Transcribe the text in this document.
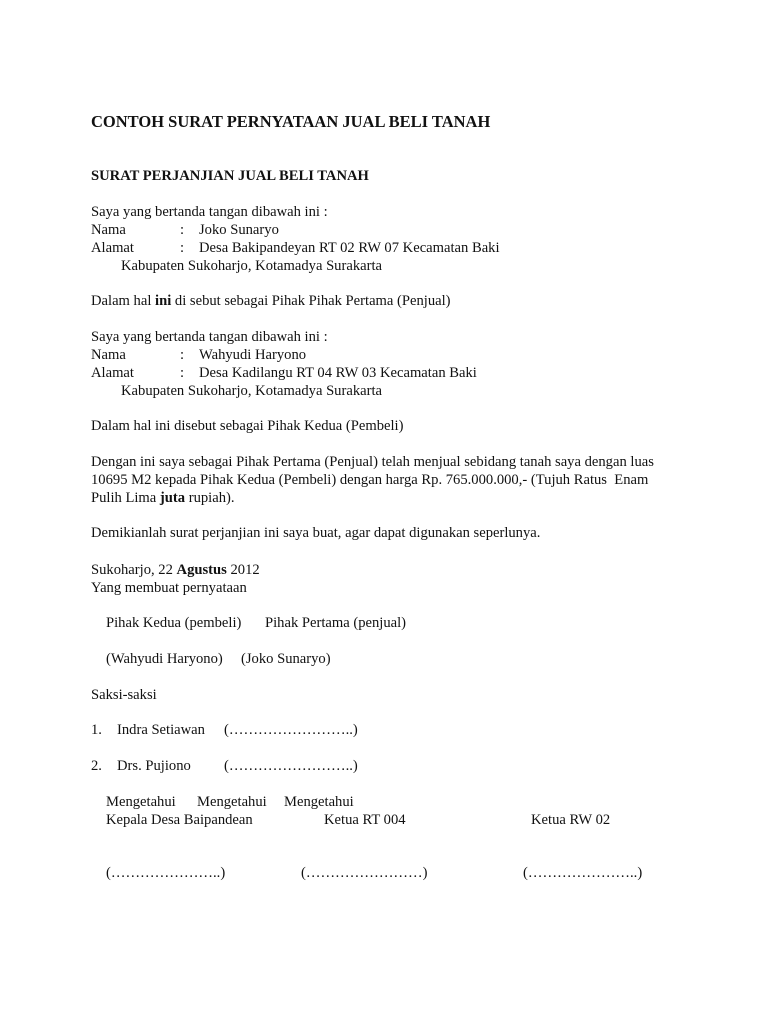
CONTOH SURAT PERNYATAAN JUAL BELI TANAH
SURAT PERJANJIAN JUAL BELI TANAH
Saya yang bertanda tangan dibawah ini :
Nama	: Joko Sunaryo
Alamat	: Desa Bakipandeyan RT 02 RW 07 Kecamatan Baki
Kabupaten Sukoharjo, Kotamadya Surakarta
Dalam hal ini di sebut sebagai Pihak Pihak Pertama (Penjual)
Saya yang bertanda tangan dibawah ini :
Nama	: Wahyudi Haryono
Alamat	: Desa Kadilangu RT 04 RW 03 Kecamatan Baki
Kabupaten Sukoharjo, Kotamadya Surakarta
Dalam hal ini disebut sebagai Pihak Kedua (Pembeli)
Dengan ini saya sebagai Pihak Pertama (Penjual) telah menjual sebidang tanah saya dengan luas
10695 M2 kepada Pihak Kedua (Pembeli) dengan harga Rp. 765.000.000,- (Tujuh Ratus  Enam
Pulih Lima juta rupiah).
Demikianlah surat perjanjian ini saya buat, agar dapat digunakan seperlunya.
Sukoharjo, 22 Agustus 2012
Yang membuat pernyataan
Pihak Kedua (pembeli) Pihak Pertama (penjual)
(Wahyudi Haryono) (Joko Sunaryo)
Saksi-saksi
1. Indra Setiawan (……………………..)
2. Drs. Pujiono (……………………..)
Mengetahui Mengetahui Mengetahui
Kepala Desa Baipandean	Ketua RT 004	Ketua RW 02
(…………………..)	(……………………)	(…………………..)
